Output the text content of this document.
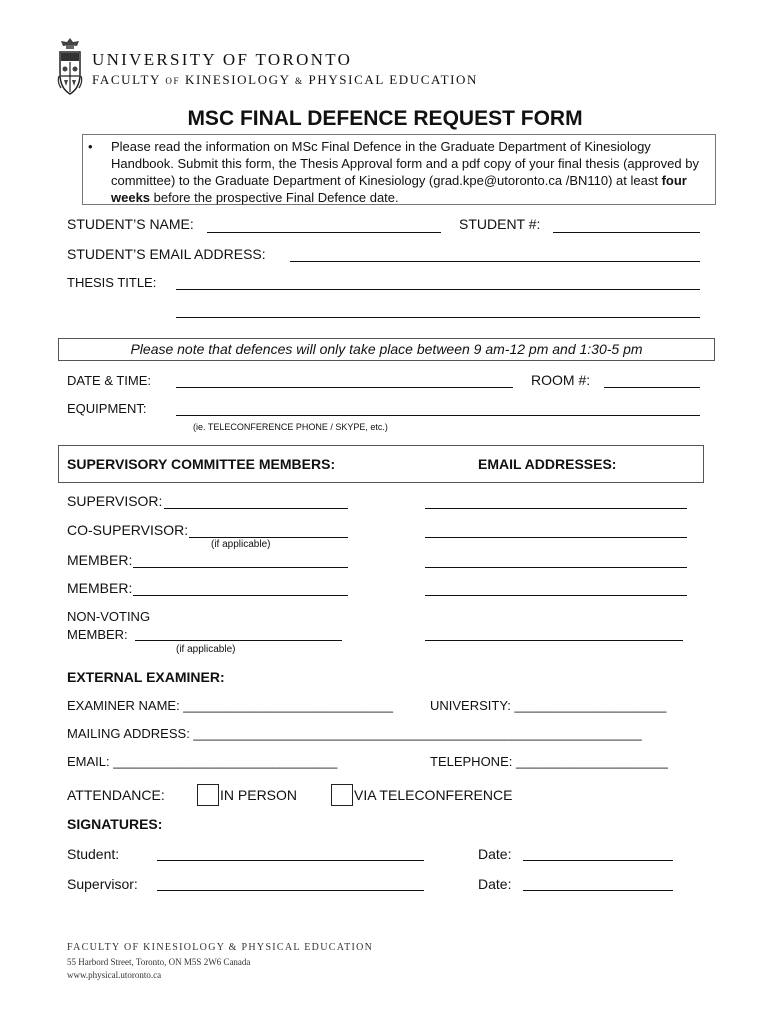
UNIVERSITY OF TORONTO
FACULTY OF KINESIOLOGY & PHYSICAL EDUCATION
MSC FINAL DEFENCE REQUEST FORM
• Please read the information on MSc Final Defence in the Graduate Department of Kinesiology Handbook. Submit this form, the Thesis Approval form and a pdf copy of your final thesis (approved by committee) to the Graduate Department of Kinesiology (grad.kpe@utoronto.ca /BN110) at least four weeks before the prospective Final Defence date.
STUDENT’S NAME:	STUDENT #:
STUDENT’S EMAIL ADDRESS:
THESIS TITLE:
Please note that defences will only take place between 9 am-12 pm and 1:30-5 pm
DATE & TIME:	ROOM #:
EQUIPMENT:
(ie. TELECONFERENCE PHONE / SKYPE, etc.)
SUPERVISORY COMMITTEE MEMBERS:	EMAIL ADDRESSES:
SUPERVISOR:
CO-SUPERVISOR:
(if applicable)
MEMBER:
MEMBER:
NON-VOTING
MEMBER:
(if applicable)
EXTERNAL EXAMINER:
EXAMINER NAME: _____________________________	UNIVERSITY: _____________________
MAILING ADDRESS: ______________________________________________________________
EMAIL: _______________________________	TELEPHONE: _____________________
ATTENDANCE:	IN PERSON	VIA TELECONFERENCE
SIGNATURES:
Student:	Date:
Supervisor:	Date:
FACULTY OF KINESIOLOGY & PHYSICAL EDUCATION
55 Harbord Street, Toronto, ON M5S 2W6 Canada
www.physical.utoronto.ca
